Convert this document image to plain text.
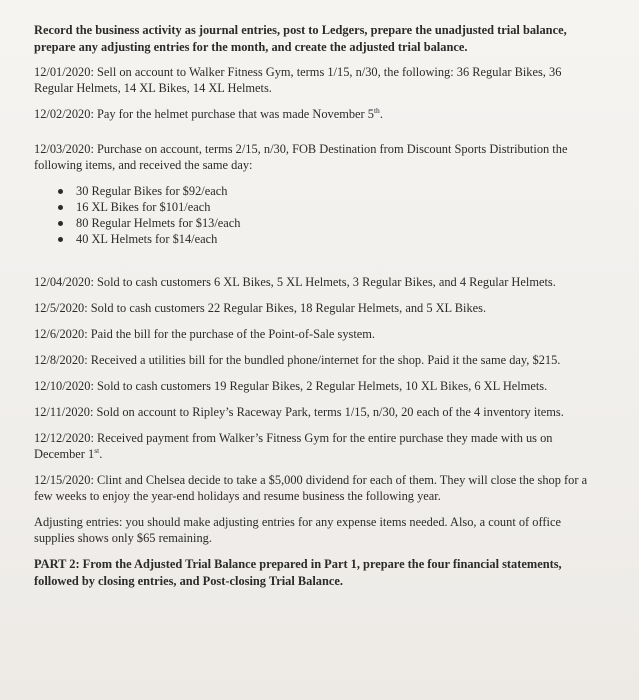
Record the business activity as journal entries, post to Ledgers, prepare the unadjusted trial balance, prepare any adjusting entries for the month, and create the adjusted trial balance.

12/01/2020: Sell on account to Walker Fitness Gym, terms 1/15, n/30, the following: 36 Regular Bikes, 36 Regular Helmets, 14 XL Bikes, 14 XL Helmets.

12/02/2020: Pay for the helmet purchase that was made November 5th.

12/03/2020: Purchase on account, terms 2/15, n/30, FOB Destination from Discount Sports Distribution the following items, and received the same day:
30 Regular Bikes for $92/each
16 XL Bikes for $101/each
80 Regular Helmets for $13/each
40 XL Helmets for $14/each

12/04/2020: Sold to cash customers 6 XL Bikes, 5 XL Helmets, 3 Regular Bikes, and 4 Regular Helmets.

12/5/2020: Sold to cash customers 22 Regular Bikes, 18 Regular Helmets, and 5 XL Bikes.

12/6/2020: Paid the bill for the purchase of the Point-of-Sale system.

12/8/2020: Received a utilities bill for the bundled phone/internet for the shop. Paid it the same day, $215.

12/10/2020: Sold to cash customers 19 Regular Bikes, 2 Regular Helmets, 10 XL Bikes, 6 XL Helmets.

12/11/2020: Sold on account to Ripley’s Raceway Park, terms 1/15, n/30, 20 each of the 4 inventory items.

12/12/2020: Received payment from Walker’s Fitness Gym for the entire purchase they made with us on December 1st.

12/15/2020: Clint and Chelsea decide to take a $5,000 dividend for each of them. They will close the shop for a few weeks to enjoy the year-end holidays and resume business the following year.

Adjusting entries: you should make adjusting entries for any expense items needed. Also, a count of office supplies shows only $65 remaining.

PART 2: From the Adjusted Trial Balance prepared in Part 1, prepare the four financial statements, followed by closing entries, and Post-closing Trial Balance.
